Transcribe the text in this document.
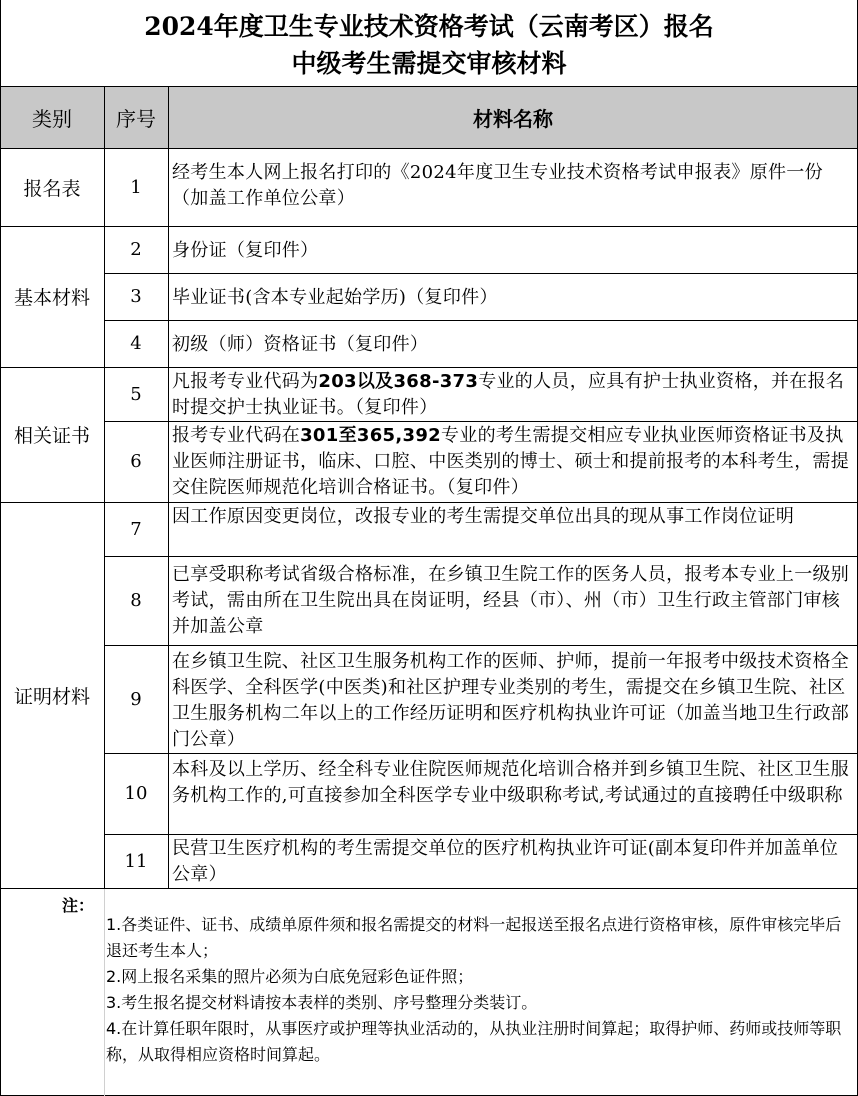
2024年度卫生专业技术资格考试（云南考区）报名
中级考生需提交审核材料
类别	序号	材料名称
报名表
基本材料
相关证书
证明材料
1
2
3
4
5
6
7
8
9
10
11
经考生本人网上报名打印的《2024年度卫生专业技术资格考试申报表》原件一份（加盖工作单位公章）
身份证（复印件）
毕业证书(含本专业起始学历)（复印件）
初级（师）资格证书（复印件）
凡报考专业代码为203以及368-373专业的人员，应具有护士执业资格，并在报名时提交护士执业证书。（复印件）
报考专业代码在301至365,392专业的考生需提交相应专业执业医师资格证书及执业医师注册证书，临床、口腔、中医类别的博士、硕士和提前报考的本科考生，需提交住院医师规范化培训合格证书。（复印件）
因工作原因变更岗位，改报专业的考生需提交单位出具的现从事工作岗位证明
已享受职称考试省级合格标准，在乡镇卫生院工作的医务人员，报考本专业上一级别考试，需由所在卫生院出具在岗证明，经县（市）、州（市）卫生行政主管部门审核并加盖公章
在乡镇卫生院、社区卫生服务机构工作的医师、护师，提前一年报考中级技术资格全科医学、全科医学(中医类)和社区护理专业类别的考生，需提交在乡镇卫生院、社区卫生服务机构二年以上的工作经历证明和医疗机构执业许可证（加盖当地卫生行政部门公章）
本科及以上学历、经全科专业住院医师规范化培训合格并到乡镇卫生院、社区卫生服务机构工作的,可直接参加全科医学专业中级职称考试,考试通过的直接聘任中级职称
民营卫生医疗机构的考生需提交单位的医疗机构执业许可证(副本复印件并加盖单位公章）
注：

1.各类证件、证书、成绩单原件须和报名需提交的材料一起报送至报名点进行资格审核，原件审核完毕后退还考生本人；

2.网上报名采集的照片必须为白底免冠彩色证件照；

3.考生报名提交材料请按本表样的类别、序号整理分类装订。

4.在计算任职年限时，从事医疗或护理等执业活动的，从执业注册时间算起；取得护师、药师或技师等职称，从取得相应资格时间算起。
